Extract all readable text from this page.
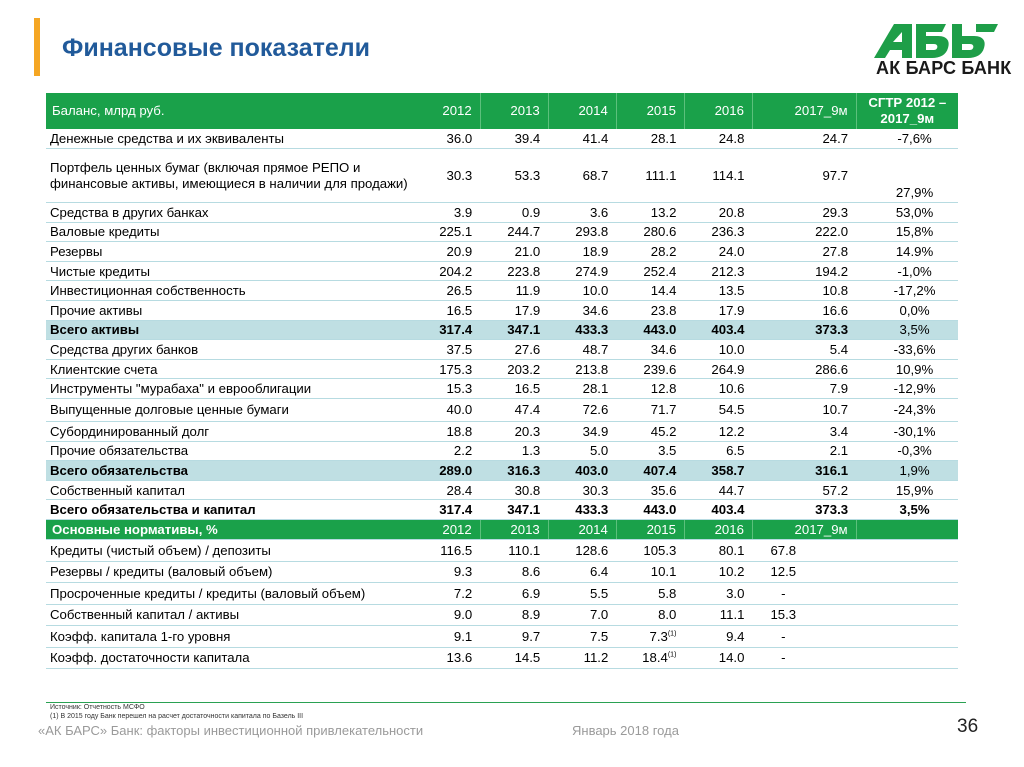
Финансовые показатели
АК БАРС БАНК
Баланс, млрд руб.	2012	2013	2014	2015	2016	2017_9м	СГТР 2012 – 2017_9м
Денежные средства и их эквиваленты	36.0	39.4	41.4	28.1	24.8	24.7	-7,6%
Портфель ценных бумаг (включая прямое РЕПО и финансовые активы, имеющиеся в наличии для продажи)	30.3	53.3	68.7	111.1	114.1	97.7	27,9%
Средства в других банках	3.9	0.9	3.6	13.2	20.8	29.3	53,0%
Валовые кредиты	225.1	244.7	293.8	280.6	236.3	222.0	15,8%
Резервы	20.9	21.0	18.9	28.2	24.0	27.8	14.9%
Чистые кредиты	204.2	223.8	274.9	252.4	212.3	194.2	-1,0%
Инвестиционная собственность	26.5	11.9	10.0	14.4	13.5	10.8	-17,2%
Прочие активы	16.5	17.9	34.6	23.8	17.9	16.6	0,0%
Всего активы	317.4	347.1	433.3	443.0	403.4	373.3	3,5%
Средства других банков	37.5	27.6	48.7	34.6	10.0	5.4	-33,6%
Клиентские счета	175.3	203.2	213.8	239.6	264.9	286.6	10,9%
Инструменты "мурабаха" и еврооблигации	15.3	16.5	28.1	12.8	10.6	7.9	-12,9%
Выпущенные долговые ценные бумаги	40.0	47.4	72.6	71.7	54.5	10.7	-24,3%
Субординированный долг	18.8	20.3	34.9	45.2	12.2	3.4	-30,1%
Прочие обязательства	2.2	1.3	5.0	3.5	6.5	2.1	-0,3%
Всего обязательства	289.0	316.3	403.0	407.4	358.7	316.1	1,9%
Собственный капитал	28.4	30.8	30.3	35.6	44.7	57.2	15,9%
Всего обязательства и капитал	317.4	347.1	433.3	443.0	403.4	373.3	3,5%
Основные нормативы, %	2012	2013	2014	2015	2016	2017_9м	
Кредиты (чистый объем) / депозиты	116.5	110.1	128.6	105.3	80.1	67.8	
Резервы / кредиты (валовый объем)	9.3	8.6	6.4	10.1	10.2	12.5	
Просроченные кредиты / кредиты (валовый объем)	7.2	6.9	5.5	5.8	3.0	-	
Собственный капитал / активы	9.0	8.9	7.0	8.0	11.1	15.3	
Коэфф. капитала 1-го уровня	9.1	9.7	7.5	7.3$^{(1)}$	9.4	-	
Коэфф. достаточности капитала	13.6	14.5	11.2	18.4$^{(1)}$	14.0	-	
Источник: Отчетность МСФО
(1) В 2015 году Банк перешел на расчет достаточности капитала по Базель III
«АК БАРС» Банк: факторы инвестиционной привлекательности	Январь 2018 года	36
